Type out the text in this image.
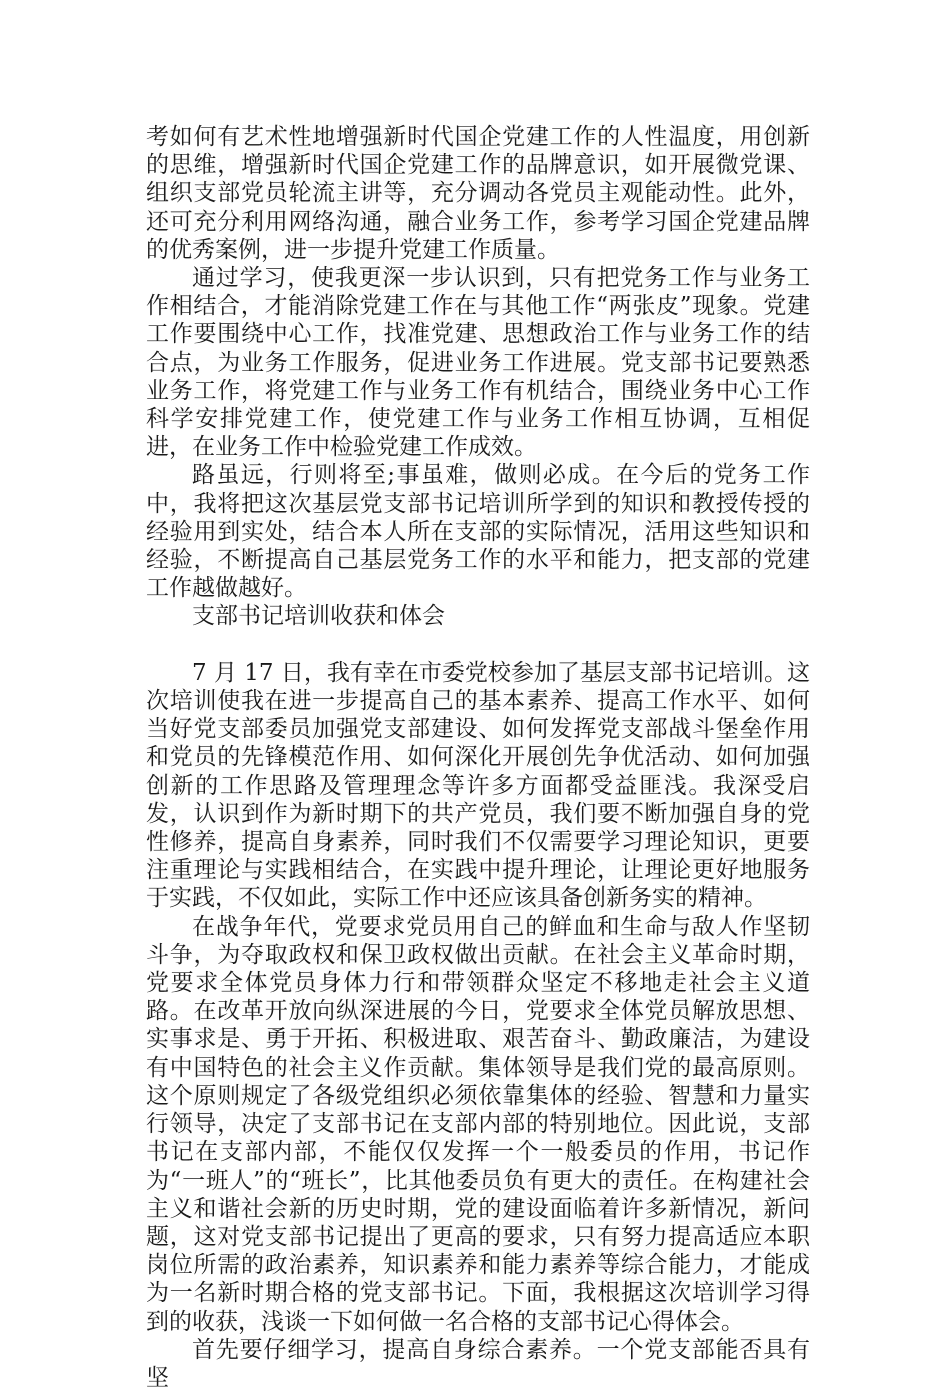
考如何有艺术性地增强新时代国企党建工作的人性温度，用创新的思维，增强新时代国企党建工作的品牌意识，如开展微党课、组织支部党员轮流主讲等，充分调动各党员主观能动性。此外，还可充分利用网络沟通，融合业务工作，参考学习国企党建品牌的优秀案例，进一步提升党建工作质量。

通过学习，使我更深一步认识到，只有把党务工作与业务工作相结合，才能消除党建工作在与其他工作“两张皮”现象。党建工作要围绕中心工作，找准党建、思想政治工作与业务工作的结合点，为业务工作服务，促进业务工作进展。党支部书记要熟悉业务工作，将党建工作与业务工作有机结合，围绕业务中心工作科学安排党建工作，使党建工作与业务工作相互协调，互相促进，在业务工作中检验党建工作成效。

路虽远，行则将至;事虽难，做则必成。在今后的党务工作中，我将把这次基层党支部书记培训所学到的知识和教授传授的经验用到实处，结合本人所在支部的实际情况，活用这些知识和经验，不断提高自己基层党务工作的水平和能力，把支部的党建工作越做越好。

支部书记培训收获和体会

7 月 17 日，我有幸在市委党校参加了基层支部书记培训。这次培训使我在进一步提高自己的基本素养、提高工作水平、如何当好党支部委员加强党支部建设、如何发挥党支部战斗堡垒作用和党员的先锋模范作用、如何深化开展创先争优活动、如何加强创新的工作思路及管理理念等许多方面都受益匪浅。我深受启发，认识到作为新时期下的共产党员，我们要不断加强自身的党性修养，提高自身素养，同时我们不仅需要学习理论知识，更要注重理论与实践相结合，在实践中提升理论，让理论更好地服务于实践，不仅如此，实际工作中还应该具备创新务实的精神。

在战争年代，党要求党员用自己的鲜血和生命与敌人作坚韧斗争，为夺取政权和保卫政权做出贡献。在社会主义革命时期，党要求全体党员身体力行和带领群众坚定不移地走社会主义道路。在改革开放向纵深进展的今日，党要求全体党员解放思想、实事求是、勇于开拓、积极进取、艰苦奋斗、勤政廉洁，为建设有中国特色的社会主义作贡献。集体领导是我们党的最高原则。这个原则规定了各级党组织必须依靠集体的经验、智慧和力量实行领导，决定了支部书记在支部内部的特别地位。因此说，支部书记在支部内部，不能仅仅发挥一个一般委员的作用，书记作为“一班人”的“班长”，比其他委员负有更大的责任。在构建社会主义和谐社会新的历史时期，党的建设面临着许多新情况，新问题，这对党支部书记提出了更高的要求，只有努力提高适应本职岗位所需的政治素养，知识素养和能力素养等综合能力，才能成为一名新时期合格的党支部书记。下面，我根据这次培训学习得到的收获，浅谈一下如何做一名合格的支部书记心得体会。

首先要仔细学习，提高自身综合素养。一个党支部能否具有坚
